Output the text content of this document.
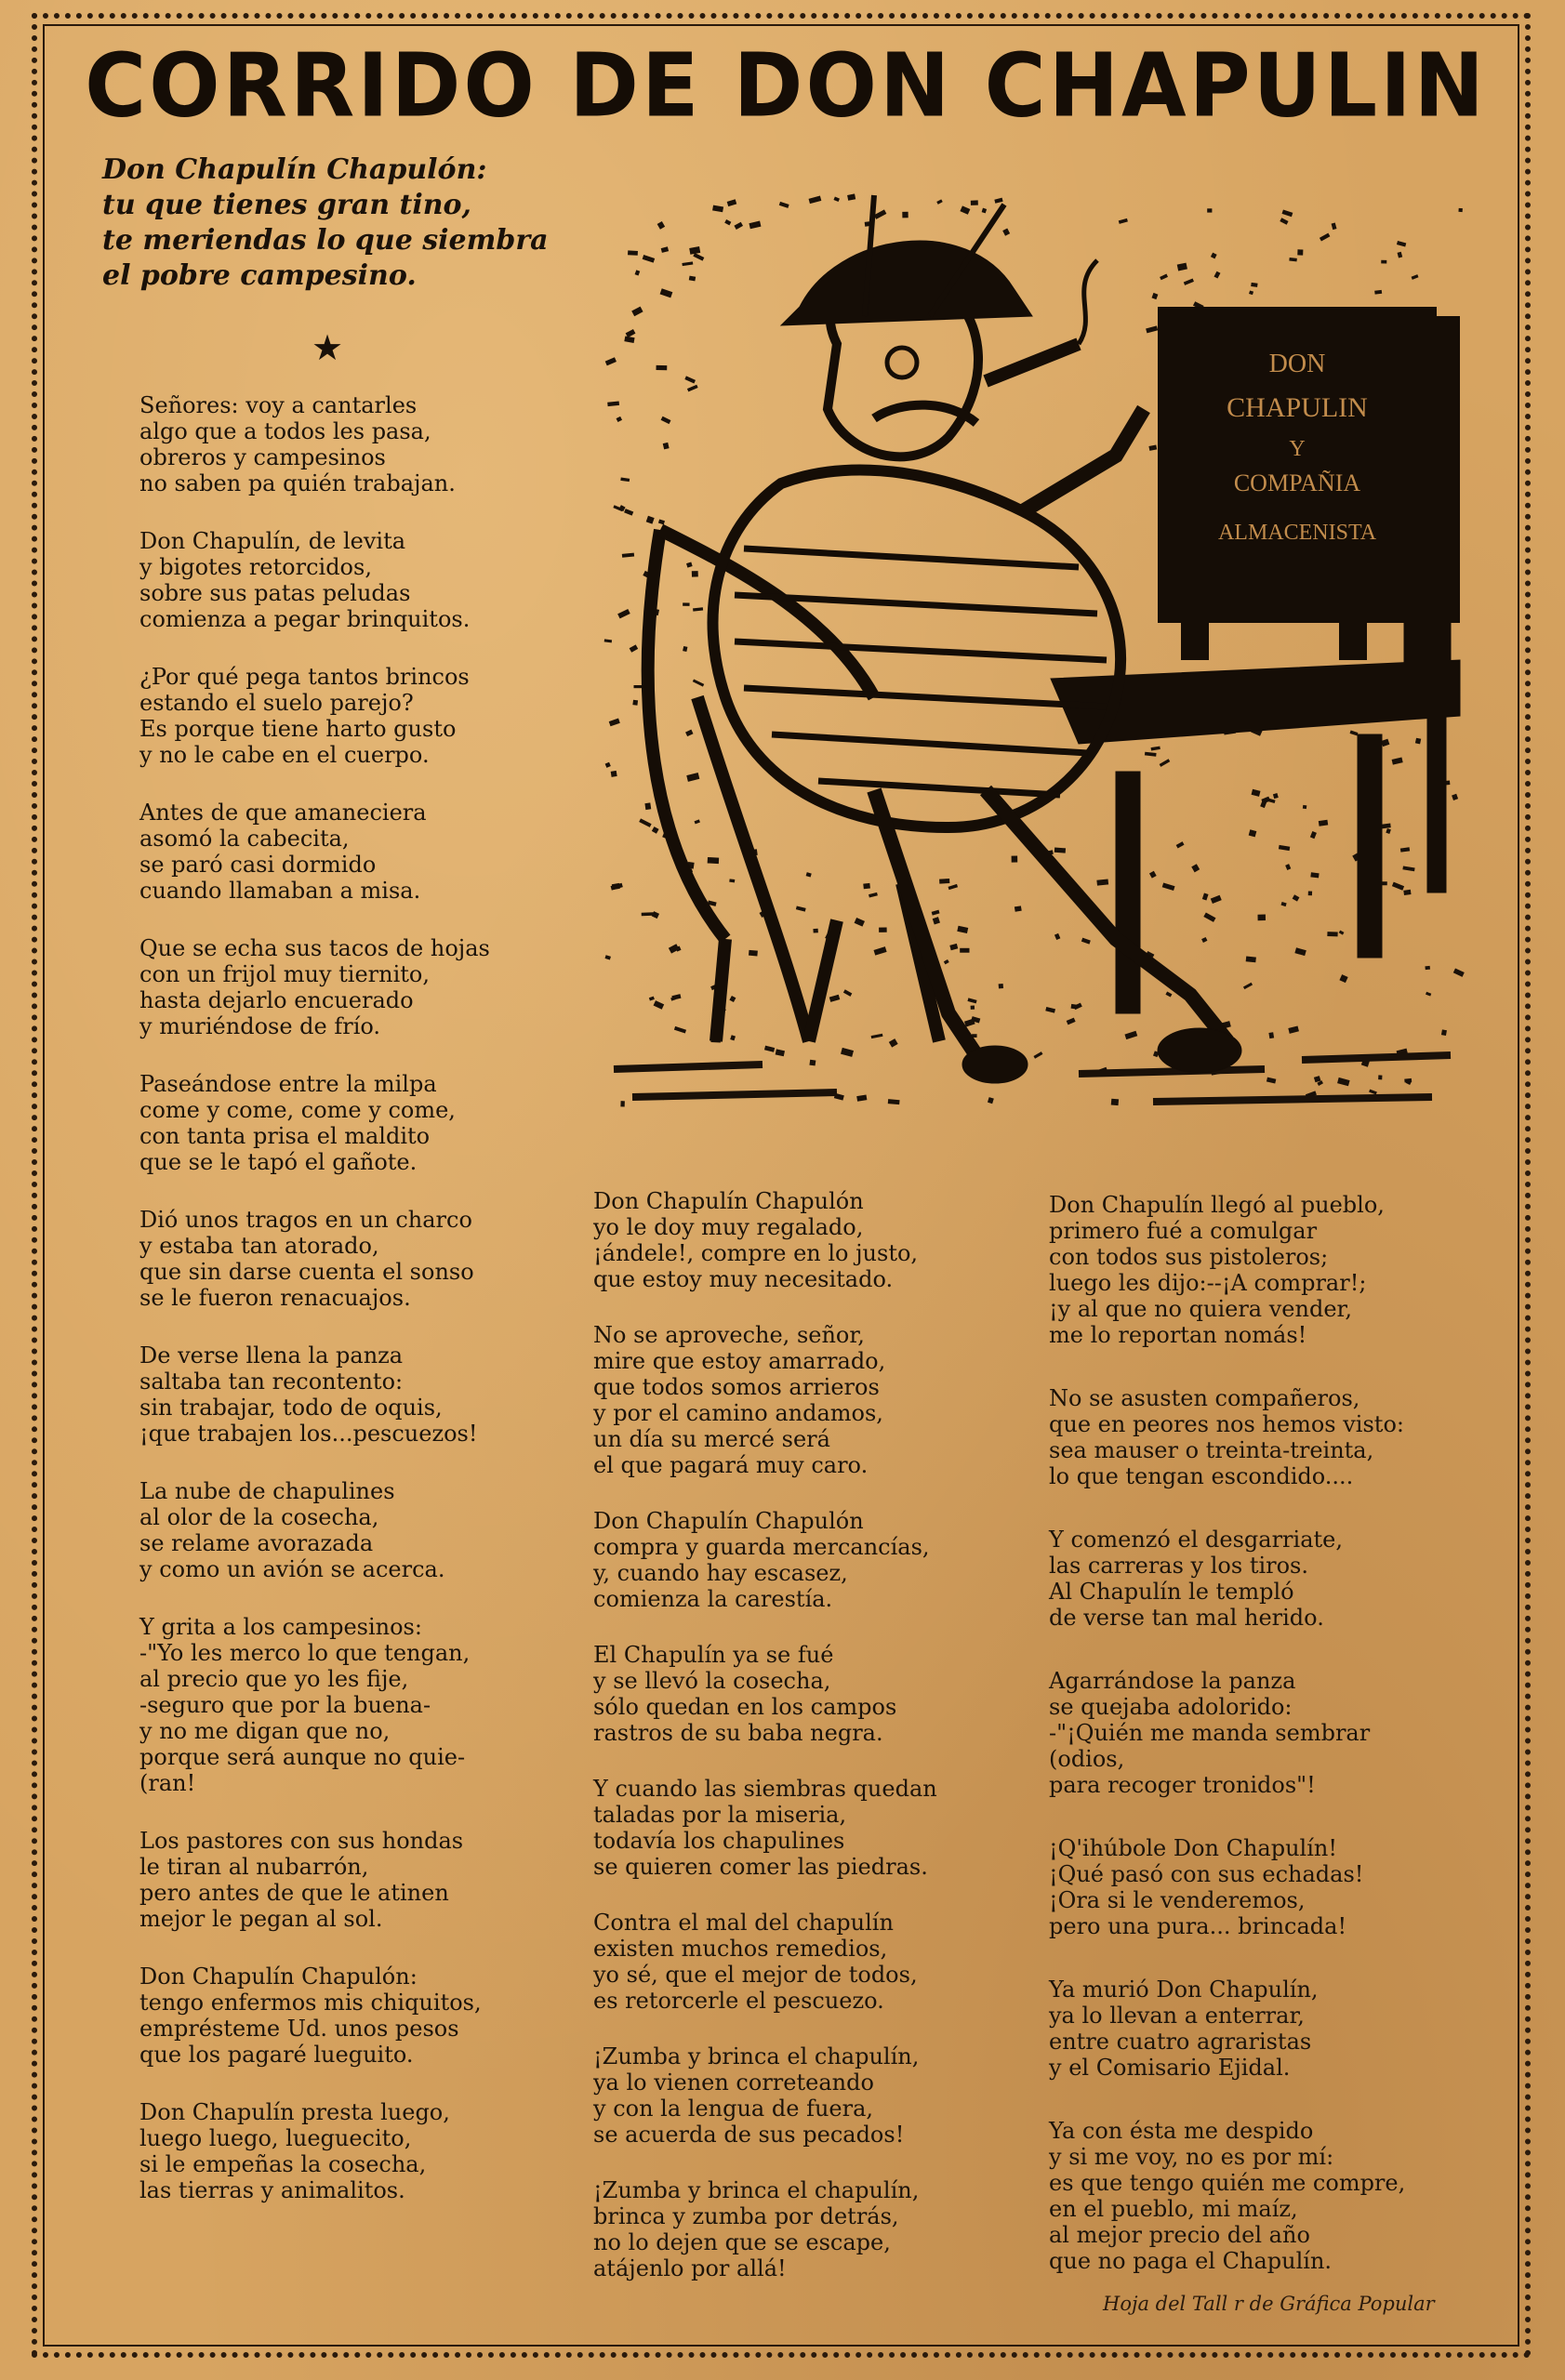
CORRIDO DE DON CHAPULIN
Don Chapulín Chapulón:
tu que tienes gran tino,
te meriendas lo que siembra
el pobre campesino.
★	DON
CHAPULIN
Y
COMPAÑIA
ALMACENISTA
Señores: voy a cantarles
algo que a todos les pasa,
obreros y campesinos
no saben pa quién trabajan.
Don Chapulín, de levita
y bigotes retorcidos,
sobre sus patas peludas
comienza a pegar brinquitos.
¿Por qué pega tantos brincos
estando el suelo parejo?
Es porque tiene harto gusto
y no le cabe en el cuerpo.
Antes de que amaneciera
asomó la cabecita,
se paró casi dormido
cuando llamaban a misa.
Que se echa sus tacos de hojas
con un frijol muy tiernito,
hasta dejarlo encuerado
y muriéndose de frío.
Paseándose entre la milpa
come y come, come y come,
con tanta prisa el maldito
que se le tapó el gañote.
Dió unos tragos en un charco
y estaba tan atorado,
que sin darse cuenta el sonso
se le fueron renacuajos.
De verse llena la panza
saltaba tan recontento:
sin trabajar, todo de oquis,
¡que trabajen los...pescuezos!
La nube de chapulines
al olor de la cosecha,
se relame avorazada
y como un avión se acerca.
Y grita a los campesinos:
-"Yo les merco lo que tengan,
al precio que yo les fije,
-seguro que por la buena-
y no me digan que no,
porque será aunque no quie-
(ran!
Los pastores con sus hondas
le tiran al nubarrón,
pero antes de que le atinen
mejor le pegan al sol.
Don Chapulín Chapulón:
tengo enfermos mis chiquitos,
emprésteme Ud. unos pesos
que los pagaré lueguito.
Don Chapulín presta luego,
luego luego, lueguecito,
si le empeñas la cosecha,
las tierras y animalitos.
Don Chapulín Chapulón
yo le doy muy regalado,
¡ándele!, compre en lo justo,
que estoy muy necesitado.
No se aproveche, señor,
mire que estoy amarrado,
que todos somos arrieros
y por el camino andamos,
un día su mercé será
el que pagará muy caro.
Don Chapulín Chapulón
compra y guarda mercancías,
y, cuando hay escasez,
comienza la carestía.
El Chapulín ya se fué
y se llevó la cosecha,
sólo quedan en los campos
rastros de su baba negra.
Y cuando las siembras quedan
taladas por la miseria,
todavía los chapulines
se quieren comer las piedras.
Contra el mal del chapulín
existen muchos remedios,
yo sé, que el mejor de todos,
es retorcerle el pescuezo.
¡Zumba y brinca el chapulín,
ya lo vienen correteando
y con la lengua de fuera,
se acuerda de sus pecados!
¡Zumba y brinca el chapulín,
brinca y zumba por detrás,
no lo dejen que se escape,
atájenlo por allá!
Don Chapulín llegó al pueblo,
primero fué a comulgar
con todos sus pistoleros;
luego les dijo:--¡A comprar!;
¡y al que no quiera vender,
me lo reportan nomás!
No se asusten compañeros,
que en peores nos hemos visto:
sea mauser o treinta-treinta,
lo que tengan escondido....
Y comenzó el desgarriate,
las carreras y los tiros.
Al Chapulín le templó
de verse tan mal herido.
Agarrándose la panza
se quejaba adolorido:
-"¡Quién me manda sembrar
(odios,
para recoger tronidos"!
¡Q'ihúbole Don Chapulín!
¡Qué pasó con sus echadas!
¡Ora si le venderemos,
pero una pura... brincada!
Ya murió Don Chapulín,
ya lo llevan a enterrar,
entre cuatro agraristas
y el Comisario Ejidal.
Ya con ésta me despido
y si me voy, no es por mí:
es que tengo quién me compre,
en el pueblo, mi maíz,
al mejor precio del año
que no paga el Chapulín.
Hoja del Tall r de Gráfica Popular
